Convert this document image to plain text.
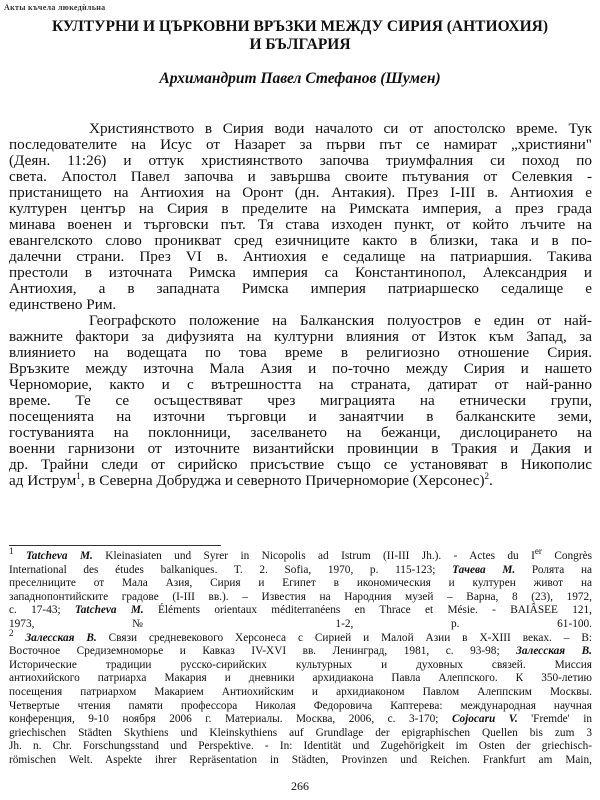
Акты къчела люкедѝльна
КУЛТУРНИ И ЦЪРКОВНИ ВРЪЗКИ МЕЖДУ СИРИЯ (АНТИОХИЯ)
И БЪЛГАРИЯ
Архимандрит Павел Стефанов (Шумен)
Християнството в Сирия води началото си от апостолско време. Тук
последователите на Исус от Назарет за първи път се намират „християни"
(Деян. 11:26) и оттук християнството започва триумфалния си поход по
света. Апостол Павел започва и завършва своите пътувания от Селевкия -
пристанището на Антиохия на Оронт (дн. Антакия). През I-III в. Антиохия е
културен център на Сирия в пределите на Римската империя, а през града
минава военен и търговски път. Тя става изходен пункт, от който лъчите на
евангелското слово проникват сред езичниците както в близки, така и в по-
далечни страни. През VI в. Антиохия е седалище на патриаршия. Такива
престоли в източната Римска империя са Константинопол, Александрия и
Антиохия, а в западната Римска империя патриаршеско седалище е
единствено Рим.
Географското положение на Балканския полуостров е един от най-
важните фактори за дифузията на културни влияния от Изток към Запад, за
влиянието на водещата по това време в религиозно отношение Сирия.
Връзките между източна Мала Азия и по-точно между Сирия и нашето
Черноморие, както и с вътрешността на страната, датират от най-ранно
време. Те се осъществяват чрез миграцията на етнически групи,
посещенията на източни търговци и занаятчии в балканските земи,
гостуванията на поклонници, заселването на бежанци, дислоцирането на
военни гарнизони от източните византийски провинции в Тракия и Дакия и
др. Трайни следи от сирийско присъствие също се установяват в Никополис
ад Иструм$^1$, в Северна Добруджа и северното Причерноморие (Херсонес)$^2$.
$^1$ Tatcheva M. Kleinasiaten und Syrer in Nicopolis ad Istrum (II-III Jh.). - Actes du Ier Congrès
International des études balkaniques. T. 2. Sofia, 1970, p. 115-123; Тачева М. Ролята на
преселниците от Мала Азия, Сирия и Египет в икономическия и културен живот на
западнопонтийските градове (I-III вв.). – Известия на Народния музей – Варна, 8 (23), 1972,
с. 17-43; Tatcheva M. Éléments orientaux méditerranéens en Thrace et Mésie. - BAIÂSEE 121,
1973, № 1-2, p. 61-100.
$^2$ Залесская В. Связи средневекового Херсонеса с Сирией и Малой Азии в X-XIII веках. – В:
Восточное Средиземноморье и Кавказ IV-XVI вв. Ленинград, 1981, с. 93-98; Залесская В.
Исторические традиции русско-сирийских культурных и духовных связей. Миссия
антиохийского патриарха Макария и дневники архидиакона Павла Алеппского. К 350-летию
посещения патриархом Макарием Антиохийским и архидиаконом Павлом Алеппским Москвы.
Четвертые чтения памяти профессора Николая Федоровича Каптерева: международная научная
конференция, 9-10 ноября 2006 г. Материалы. Москва, 2006, с. 3-170; Cojocaru V. 'Fremde' in
griechischen Städten Skythiens und Kleinskythiens auf Grundlage der epigraphischen Quellen bis zum 3
Jh. n. Chr. Forschungsstand und Perspektive. - In: Identität und Zugehörigkeit im Osten der griechisch-
römischen Welt. Aspekte ihrer Repräsentation in Städten, Provinzen und Reichen. Frankfurt am Main,
266
